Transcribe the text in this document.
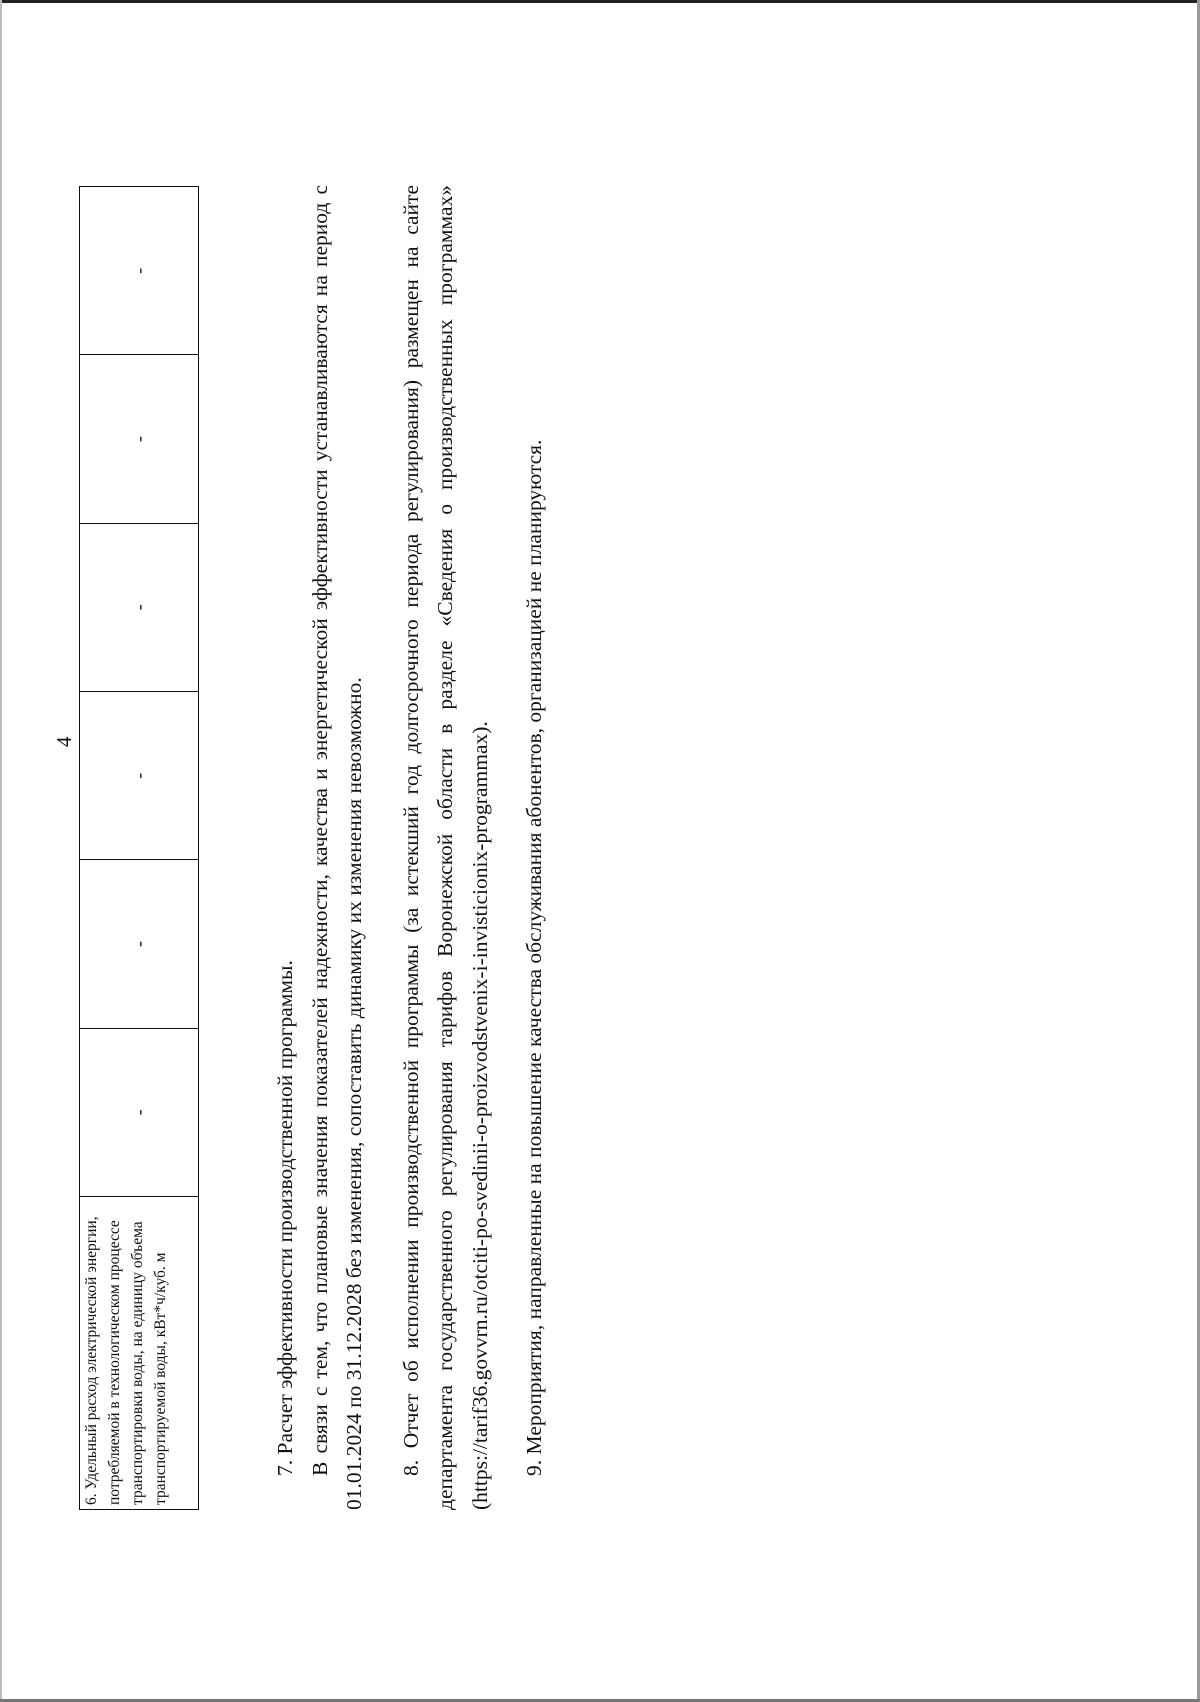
4
6. Удельный расход электрической энергии, потребляемой в технологическом процессе транспортировки воды, на единицу объема транспортируемой воды, кВт*ч/куб. м	-	-	-	-	-	-

7. Расчет эффективности производственной программы. В связи с тем, что плановые значения показателей надежности, качества и энергетической эффективности устанавливаются на период с 01.01.2024 по 31.12.2028 без изменения, сопоставить динамику их изменения невозможно. 8. Отчет об исполнении производственной программы (за истекший год долгосрочного периода регулирования) размещен на сайте департамента государственного регулирования тарифов Воронежской области в разделе «Сведения о производственных программах» (https://tarif36.govvrn.ru/otciti-po-svedinii-o-proizvodstvenix-i-invisticionix-programmax). 9. Мероприятия, направленные на повышение качества обслуживания абонентов, организацией не планируются.
